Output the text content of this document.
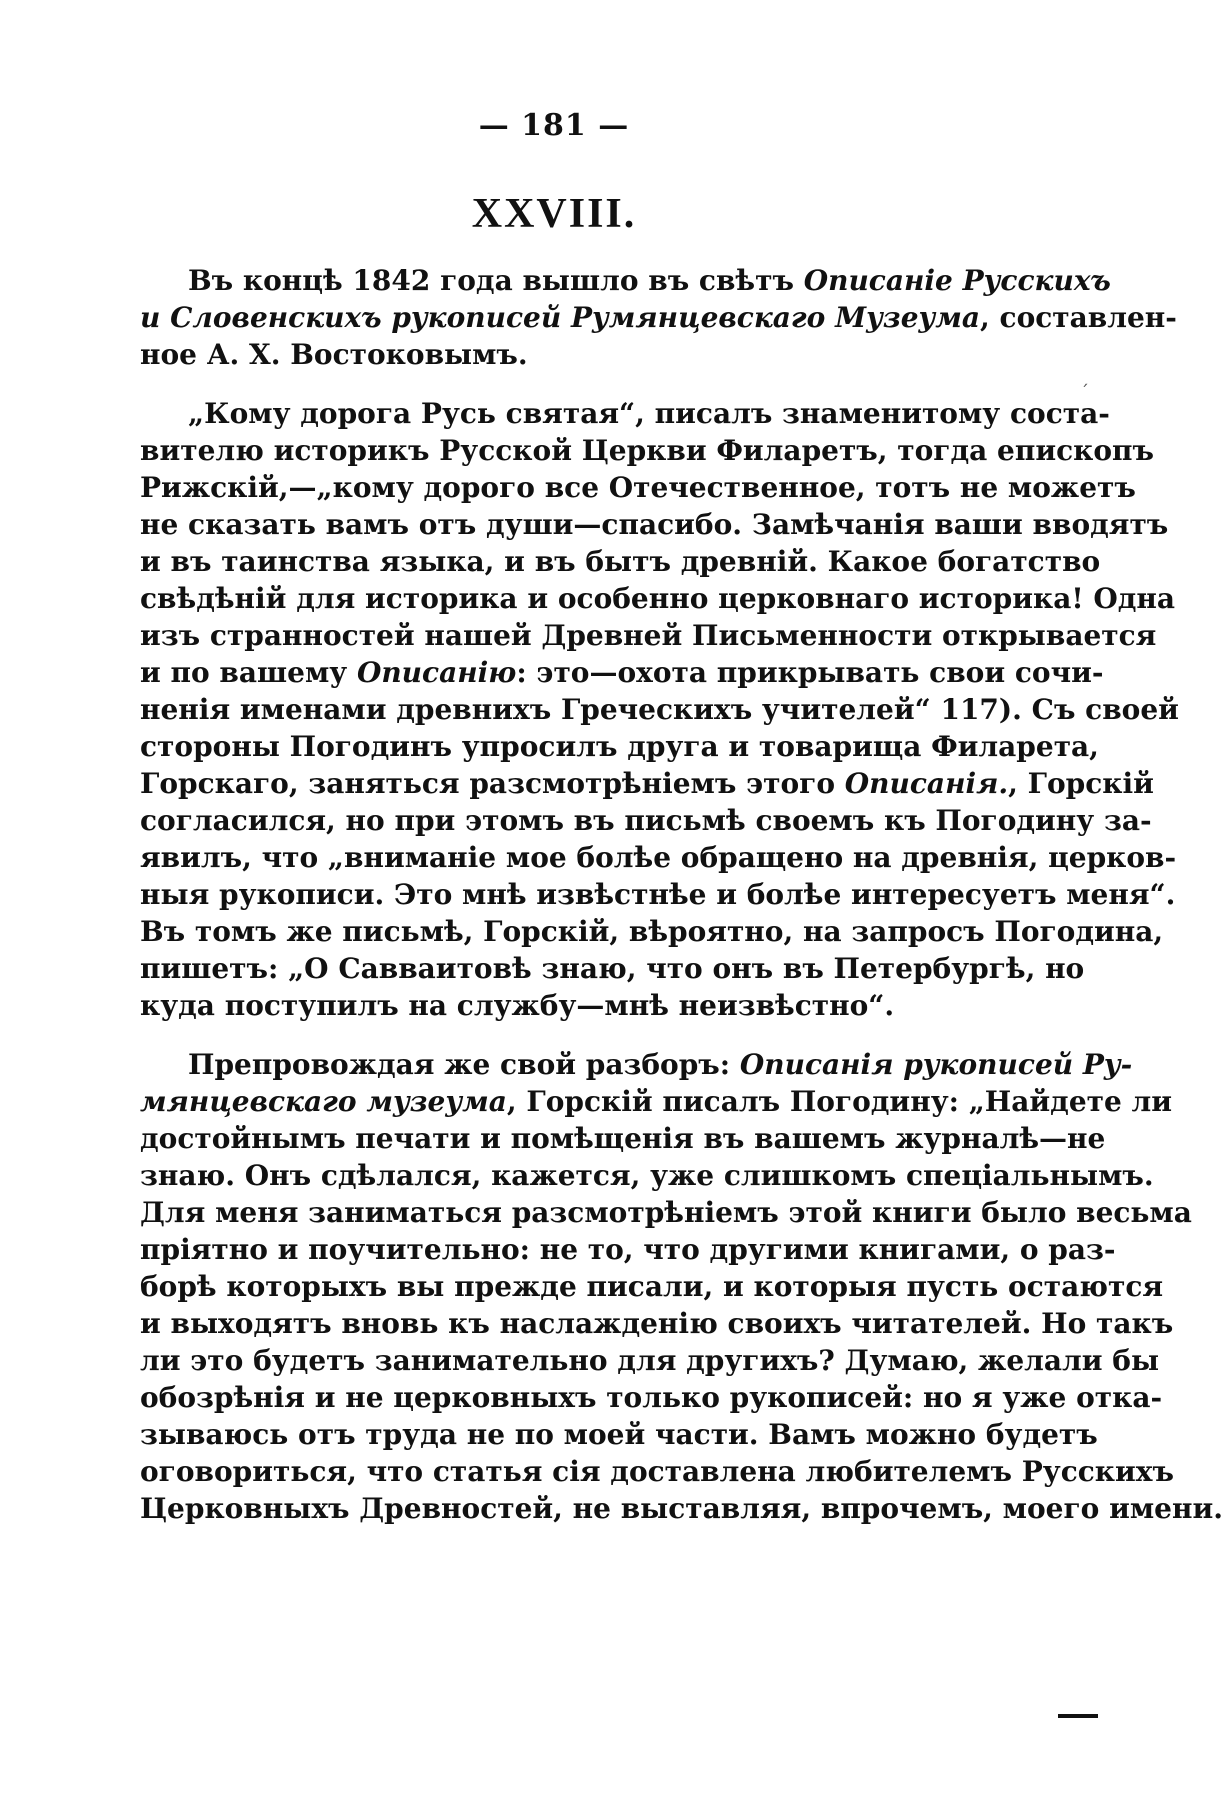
— 181 —
XXVIII.
´
Въ концѣ 1842 года вышло въ свѣтъ Описаніе Русскихъ
и Словенскихъ рукописей Румянцевскаго Музеума, составлен-
ное А. Х. Востоковымъ.
„Кому дорога Русь святая“, писалъ знаменитому соста-
вителю историкъ Русской Церкви Филаретъ, тогда епископъ
Рижскій,—„кому дорого все Отечественное, тотъ не можетъ
не сказать вамъ отъ души—спасибо. Замѣчанія ваши вводятъ
и въ таинства языка, и въ бытъ древній. Какое богатство
свѣдѣній для историка и особенно церковнаго историка! Одна
изъ странностей нашей Древней Письменности открывается
и по вашему Описанію: это—охота прикрывать свои сочи-
ненія именами древнихъ Греческихъ учителей“ 117). Съ своей
стороны Погодинъ упросилъ друга и товарища Филарета,
Горскаго, заняться разсмотрѣніемъ этого Описанія., Горскій
согласился, но при этомъ въ письмѣ своемъ къ Погодину за-
явилъ, что „вниманіе мое болѣе обращено на древнія, церков-
ныя рукописи. Это мнѣ извѣстнѣе и болѣе интересуетъ меня“.
Въ томъ же письмѣ, Горскій, вѣроятно, на запросъ Погодина,
пишетъ: „О Савваитовѣ знаю, что онъ въ Петербургѣ, но
куда поступилъ на службу—мнѣ неизвѣстно“.
Препровождая же свой разборъ: Описанія рукописей Ру-
мянцевскаго музеума, Горскій писалъ Погодину: „Найдете ли
достойнымъ печати и помѣщенія въ вашемъ журналѣ—не
знаю. Онъ сдѣлался, кажется, уже слишкомъ спеціальнымъ.
Для меня заниматься разсмотрѣніемъ этой книги было весьма
пріятно и поучительно: не то, что другими книгами, о раз-
борѣ которыхъ вы прежде писали, и которыя пусть остаются
и выходятъ вновь къ наслажденію своихъ читателей. Но такъ
ли это будетъ занимательно для другихъ? Думаю, желали бы
обозрѣнія и не церковныхъ только рукописей: но я уже отка-
зываюсь отъ труда не по моей части. Вамъ можно будетъ
оговориться, что статья сія доставлена любителемъ Русскихъ
Церковныхъ Древностей, не выставляя, впрочемъ, моего имени.
